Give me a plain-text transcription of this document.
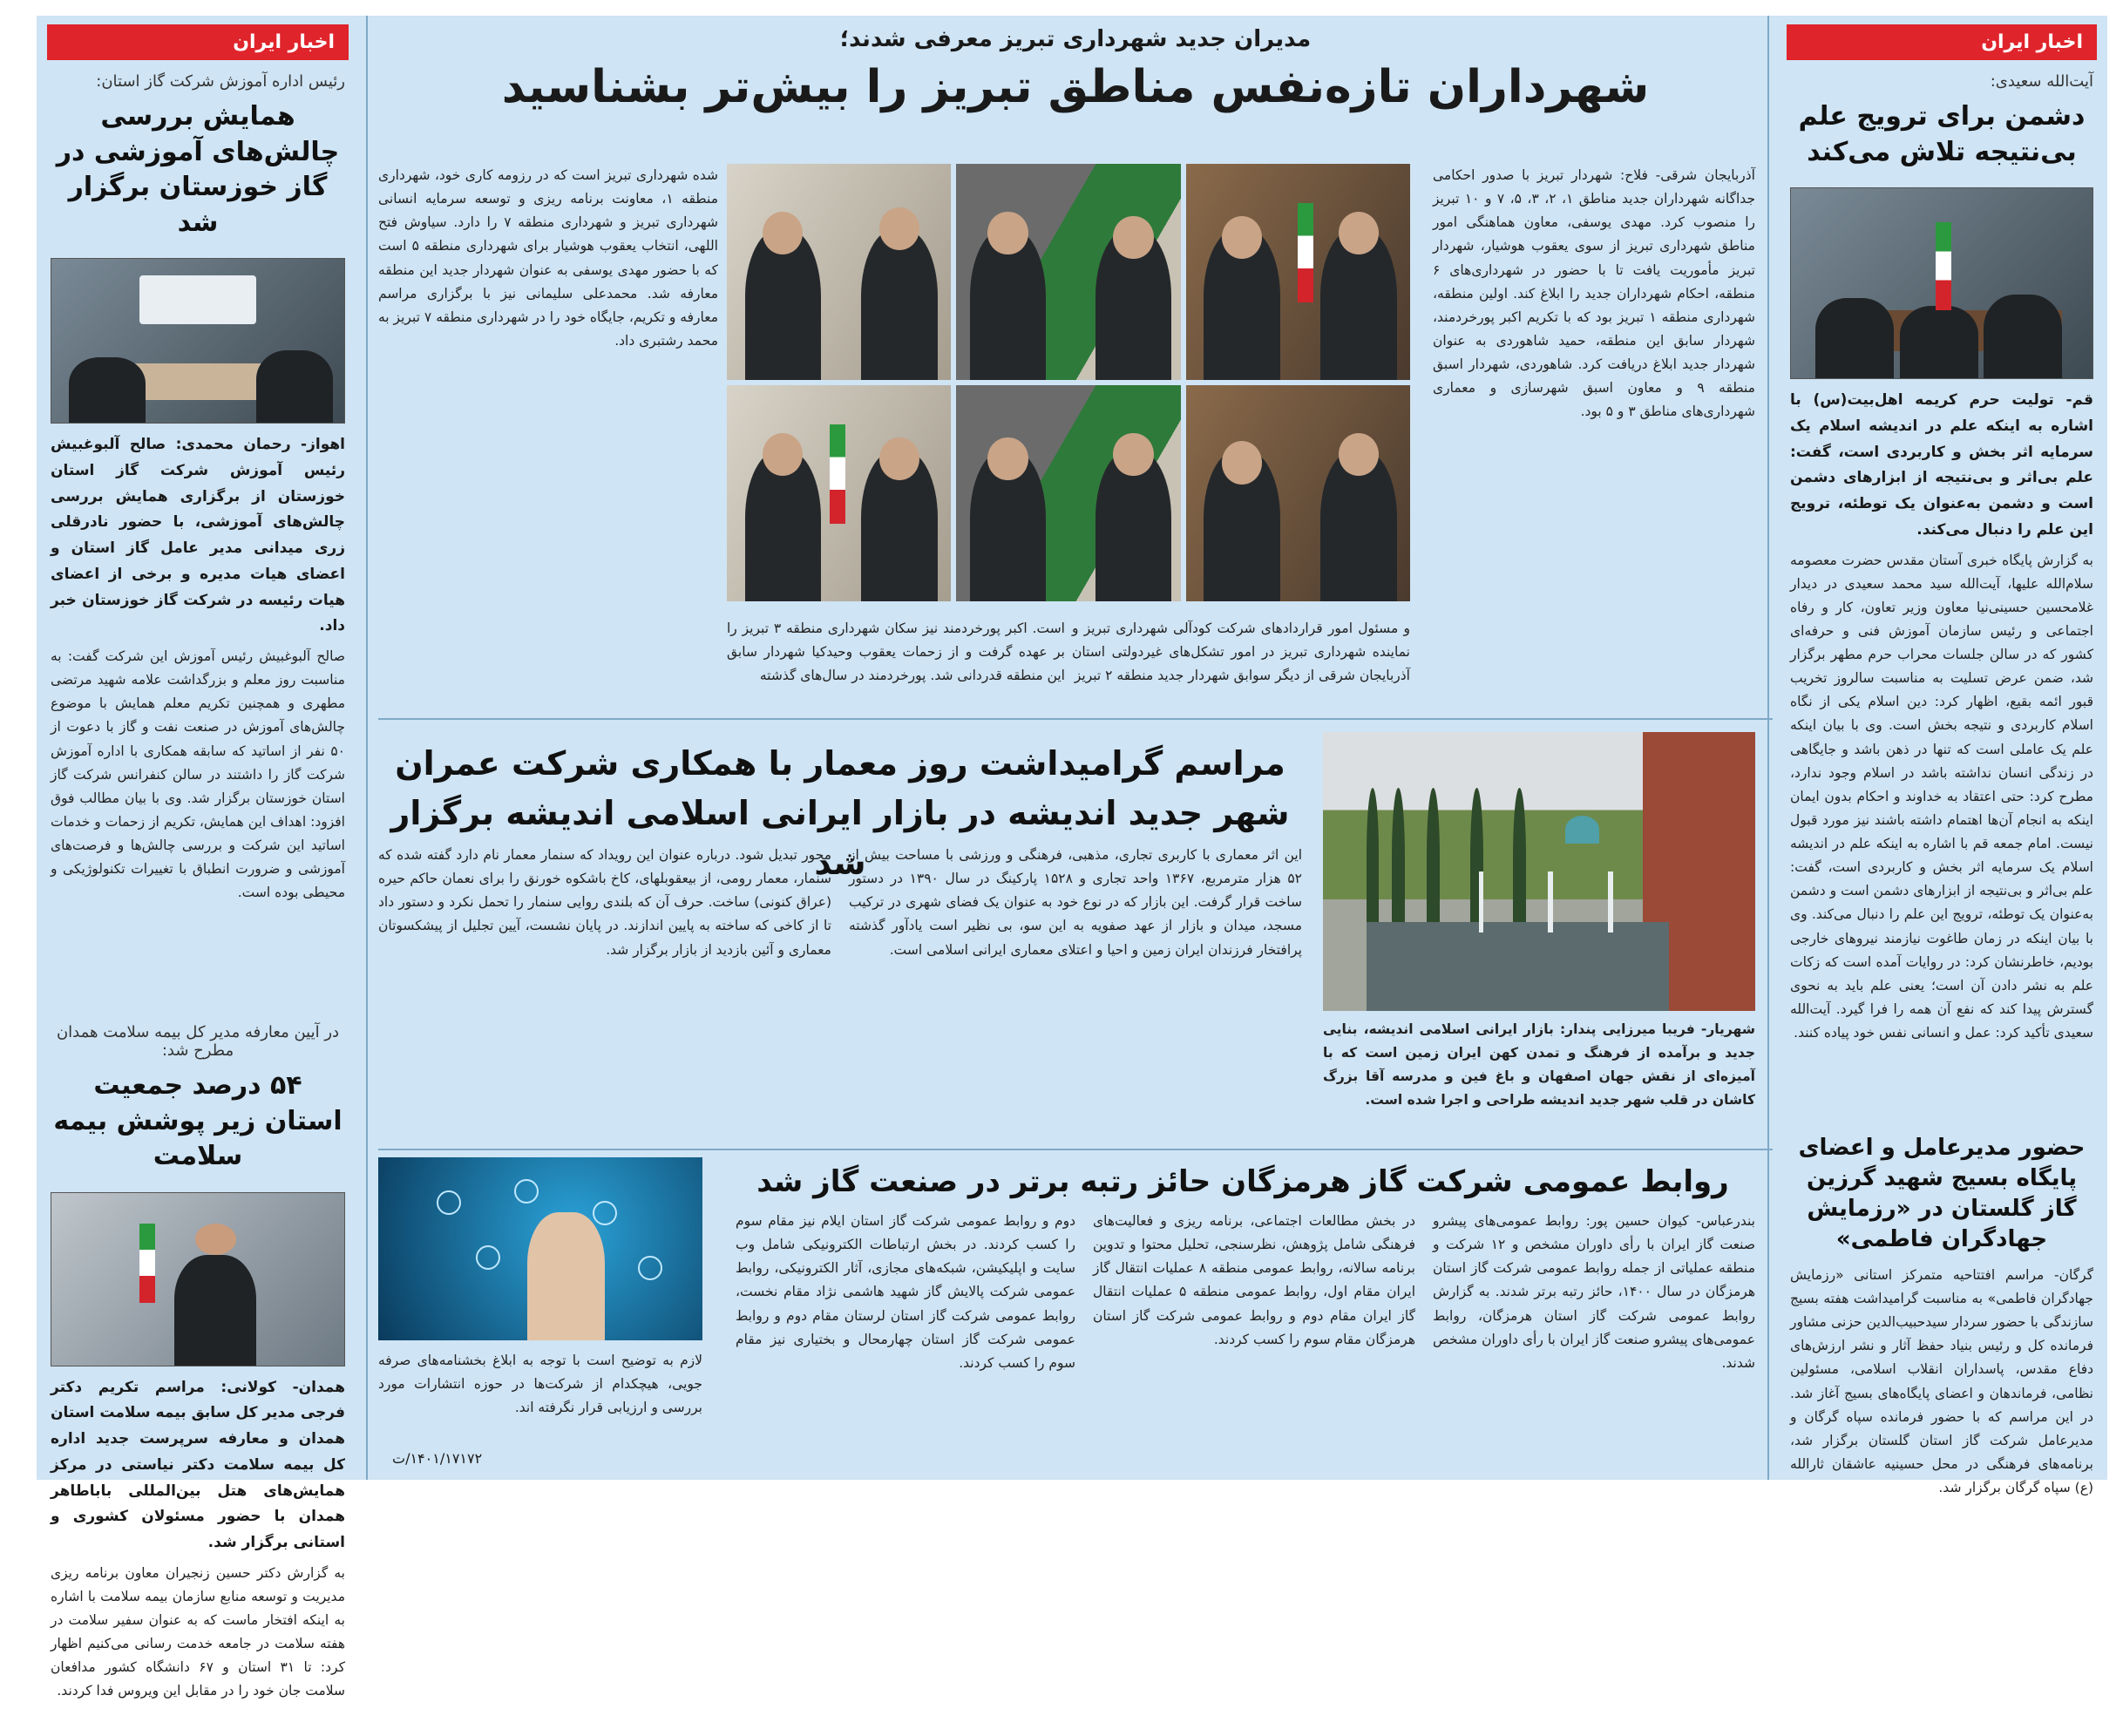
اخبار ایران
آیت‌الله سعیدی:
دشمن برای ترویج علم بی‌نتیجه تلاش می‌کند
قم- تولیت حرم کریمه اهل‌بیت(س) با اشاره به اینکه علم در اندیشه اسلام یک سرمایه اثر بخش و کاربردی است، گفت: علم بی‌اثر و بی‌نتیجه از ابزارهای دشمن است و دشمن به‌عنوان یک توطئه، ترویج این علم را دنبال می‌کند.
به گزارش پایگاه خبری آستان مقدس حضرت معصومه سلام‌الله علیها، آیت‌الله سید محمد سعیدی در دیدار غلامحسین حسینی‌نیا معاون وزیر تعاون، کار و رفاه اجتماعی و رئیس سازمان آموزش فنی و حرفه‌ای کشور که در سالن جلسات محراب حرم مطهر برگزار شد، ضمن عرض تسلیت به مناسبت سالروز تخریب قبور ائمه بقیع، اظهار کرد: دین اسلام یکی از نگاه اسلام کاربردی و نتیجه بخش است. وی با بیان اینکه علم یک عاملی است که تنها در ذهن باشد و جایگاهی در زندگی انسان نداشته باشد در اسلام وجود ندارد، مطرح کرد: حتی اعتقاد به خداوند و احکام بدون ایمان اینکه به انجام آن‌ها اهتمام داشته باشند نیز مورد قبول نیست. امام جمعه قم با اشاره به اینکه علم در اندیشه اسلام یک سرمایه اثر بخش و کاربردی است، گفت: علم بی‌اثر و بی‌نتیجه از ابزارهای دشمن است و دشمن به‌عنوان یک توطئه، ترویج این علم را دنبال می‌کند. وی با بیان اینکه در زمان طاغوت نیازمند نیروهای خارجی بودیم، خاطرنشان کرد: در روایات آمده است که زکات علم به نشر دادن آن است؛ یعنی علم باید به نحوی گسترش پیدا کند که نفع آن همه را فرا گیرد. آیت‌الله سعیدی تأکید کرد: عمل و انسانی نفس خود پیاده کنند.
حضور مدیرعامل و اعضای پایگاه بسیج شهید گرزین گاز گلستان در «رزمایش جهادگران فاطمی»
گرگان- مراسم افتتاحیه متمرکز استانی «رزمایش جهادگران فاطمی» به مناسبت گرامیداشت هفته بسیج سازندگی با حضور سردار سیدحبیب‌الدین حزنی مشاور فرمانده کل و رئیس بنیاد حفظ آثار و نشر ارزش‌های دفاع مقدس، پاسداران انقلاب اسلامی، مسئولین نظامی، فرماندهان و اعضای پایگاه‌های بسیج آغاز شد. در این مراسم که با حضور فرمانده سپاه گرگان و مدیرعامل شرکت گاز استان گلستان برگزار شد، برنامه‌های فرهنگی در محل حسینیه عاشقان ثارالله (ع) سپاه گرگان برگزار شد.
اخبار ایران
رئیس اداره آموزش شرکت گاز استان:
همایش بررسی چالش‌های آموزشی در گاز خوزستان برگزار شد
اهواز- رحمان محمدی: صالح آلبوغبیش رئیس آموزش شرکت گاز استان خوزستان از برگزاری همایش بررسی چالش‌های آموزشی، با حضور نادرقلی زری میدانی مدیر عامل گاز استان و اعضای هیات مدیره و برخی از اعضای هیات رئیسه در شرکت گاز خوزستان خبر داد.
صالح آلبوغبیش رئیس آموزش این شرکت گفت: به مناسبت روز معلم و بزرگداشت علامه شهید مرتضی مطهری و همچنین تکریم معلم همایش با موضوع چالش‌های آموزش در صنعت نفت و گاز با دعوت از ۵۰ نفر از اساتید که سابقه همکاری با اداره آموزش شرکت گاز را داشتند در سالن کنفرانس شرکت گاز استان خوزستان برگزار شد. وی با بیان مطالب فوق افزود: اهداف این همایش، تکریم از زحمات و خدمات اساتید این شرکت و بررسی چالش‌ها و فرصت‌های آموزشی و ضرورت انطباق با تغییرات تکنولوژیکی و محیطی بوده است.
در آیین معارفه مدیر کل بیمه سلامت همدان مطرح شد:
۵۴ درصد جمعیت استان زیر پوشش بیمه سلامت
همدان- کولانی: مراسم تکریم دکتر فرجی مدیر کل سابق بیمه سلامت استان همدان و معارفه سرپرست جدید اداره کل بیمه سلامت دکتر نیاستی در مرکز همایش‌های هتل بین‌المللی باباطاهر همدان با حضور مسئولان کشوری و استانی برگزار شد.
به گزارش دکتر حسین زنجیران معاون برنامه ریزی مدیریت و توسعه منابع سازمان بیمه سلامت با اشاره به اینکه افتخار ماست که به عنوان سفیر سلامت در هفته سلامت در جامعه خدمت رسانی می‌کنیم اظهار کرد: تا ۳۱ استان و ۶۷ دانشگاه کشور مدافعان سلامت جان خود را در مقابل این ویروس فدا کردند.
مدیران جدید شهرداری تبریز معرفی شدند؛
شهرداران تازه‌نفس مناطق تبریز را بیش‌تر بشناسید
آذربایجان شرقی- فلاح: شهردار تبریز با صدور احکامی جداگانه شهرداران جدید مناطق ۱، ۲، ۳، ۵، ۷ و ۱۰ تبریز را منصوب کرد. مهدی یوسفی، معاون هماهنگی امور مناطق شهرداری تبریز از سوی یعقوب هوشیار، شهردار تبریز مأموریت یافت تا با حضور در شهرداری‌های ۶ منطقه، احکام شهرداران جدید را ابلاغ کند. اولین منطقه، شهرداری منطقه ۱ تبریز بود که با تکریم اکبر پورخردمند، شهردار سابق این منطقه، حمید شاهوردی به عنوان شهردار جدید ابلاغ دریافت کرد. شاهوردی، شهردار اسبق منطقه ۹ و معاون اسبق شهرسازی و معماری شهرداری‌های مناطق ۳ و ۵ بود.
شده شهرداری تبریز است که در رزومه کاری خود، شهرداری منطقه ۱، معاونت برنامه ریزی و توسعه سرمایه انسانی شهرداری تبریز و شهرداری منطقه ۷ را دارد. سیاوش فتح اللهی، انتخاب یعقوب هوشیار برای شهرداری منطقه ۵ است که با حضور مهدی یوسفی به عنوان شهردار جدید این منطقه معارفه شد. محمدعلی سلیمانی نیز با برگزاری مراسم معارفه و تکریم، جایگاه خود را در شهرداری منطقه ۷ تبریز به محمد رشتبری داد.
و مسئول امور قراردادهای شرکت کودآلی شهرداری تبریز و نماینده شهرداری تبریز در امور تشکل‌های غیردولتی استان آذربایجان شرقی از دیگر سوابق شهردار جدید منطقه ۲ تبریز
است. اکبر پورخردمند نیز سکان شهرداری منطقه ۳ تبریز را بر عهده گرفت و از زحمات یعقوب وحیدکیا شهردار سابق این منطقه قدردانی شد. پورخردمند در سال‌های گذشته
شهریار- فریبا میرزایی پندار: بازار ایرانی اسلامی اندیشه، بنایی جدید و برآمده از فرهنگ و تمدن کهن ایران زمین است که با آمیزه‌ای از نقش جهان اصفهان و باغ فین و مدرسه آقا بزرگ کاشان در قلب شهر جدید اندیشه طراحی و اجرا شده است.
مراسم گرامیداشت روز معمار با همکاری شرکت عمران شهر جدید اندیشه در بازار ایرانی اسلامی اندیشه برگزار شد
این اثر معماری با کاربری تجاری، مذهبی، فرهنگی و ورزشی با مساحت بیش از ۵۲ هزار مترمربع، ۱۳۶۷ واحد تجاری و ۱۵۲۸ پارکینگ در سال ۱۳۹۰ در دستور ساخت قرار گرفت. این بازار که در نوع خود به عنوان یک فضای شهری در ترکیب مسجد، میدان و بازار از عهد صفویه به این سو، بی نظیر است یادآور گذشته پرافتخار فرزندان ایران زمین و احیا و اعتلای معماری ایرانی اسلامی است.
محور تبدیل شود. درباره عنوان این رویداد که سنمار معمار نام دارد گفته شده که سنمار، معمار رومی، از بیعقوبلهای، کاخ باشکوه خورنق را برای نعمان حاکم حیره (عراق کنونی) ساخت. حرف آن که بلندی روایی سنمار را تحمل نکرد و دستور داد تا از کاخی که ساخته به پایین اندازند. در پایان نشست، آیین تجلیل از پیشکسوتان معماری و آئین بازدید از بازار برگزار شد.
روابط عمومی شرکت گاز هرمزگان حائز رتبه برتر در صنعت گاز شد
بندرعباس- کیوان حسین پور: روابط عمومی‌های پیشرو صنعت گاز ایران با رأی داوران مشخص و ۱۲ شرکت و منطقه عملیاتی از جمله روابط عمومی شرکت گاز استان هرمزگان در سال ۱۴۰۰، حائز رتبه برتر شدند. به گزارش روابط عمومی شرکت گاز استان هرمزگان، روابط عمومی‌های پیشرو صنعت گاز ایران با رأی داوران مشخص شدند.
در بخش مطالعات اجتماعی، برنامه ریزی و فعالیت‌های فرهنگی شامل پژوهش، نظرسنجی، تحلیل محتوا و تدوین برنامه سالانه، روابط عمومی منطقه ۸ عملیات انتقال گاز ایران مقام اول، روابط عمومی منطقه ۵ عملیات انتقال گاز ایران مقام دوم و روابط عمومی شرکت گاز استان هرمزگان مقام سوم را کسب کردند.
دوم و روابط عمومی شرکت گاز استان ایلام نیز مقام سوم را کسب کردند. در بخش ارتباطات الکترونیکی شامل وب سایت و اپلیکیشن، شبکه‌های مجازی، آثار الکترونیکی، روابط عمومی شرکت پالایش گاز شهید هاشمی نژاد مقام نخست، روابط عمومی شرکت گاز استان لرستان مقام دوم و روابط عمومی شرکت گاز استان چهارمحال و بختیاری نیز مقام سوم را کسب کردند.
لازم به توضیح است با توجه به ابلاغ بخشنامه‌های صرفه جویی، هیچکدام از شرکت‌ها در حوزه انتشارات مورد بررسی و ارزیابی قرار نگرفته اند.
۱۴۰۱/۱۷۱۷۲/ت
